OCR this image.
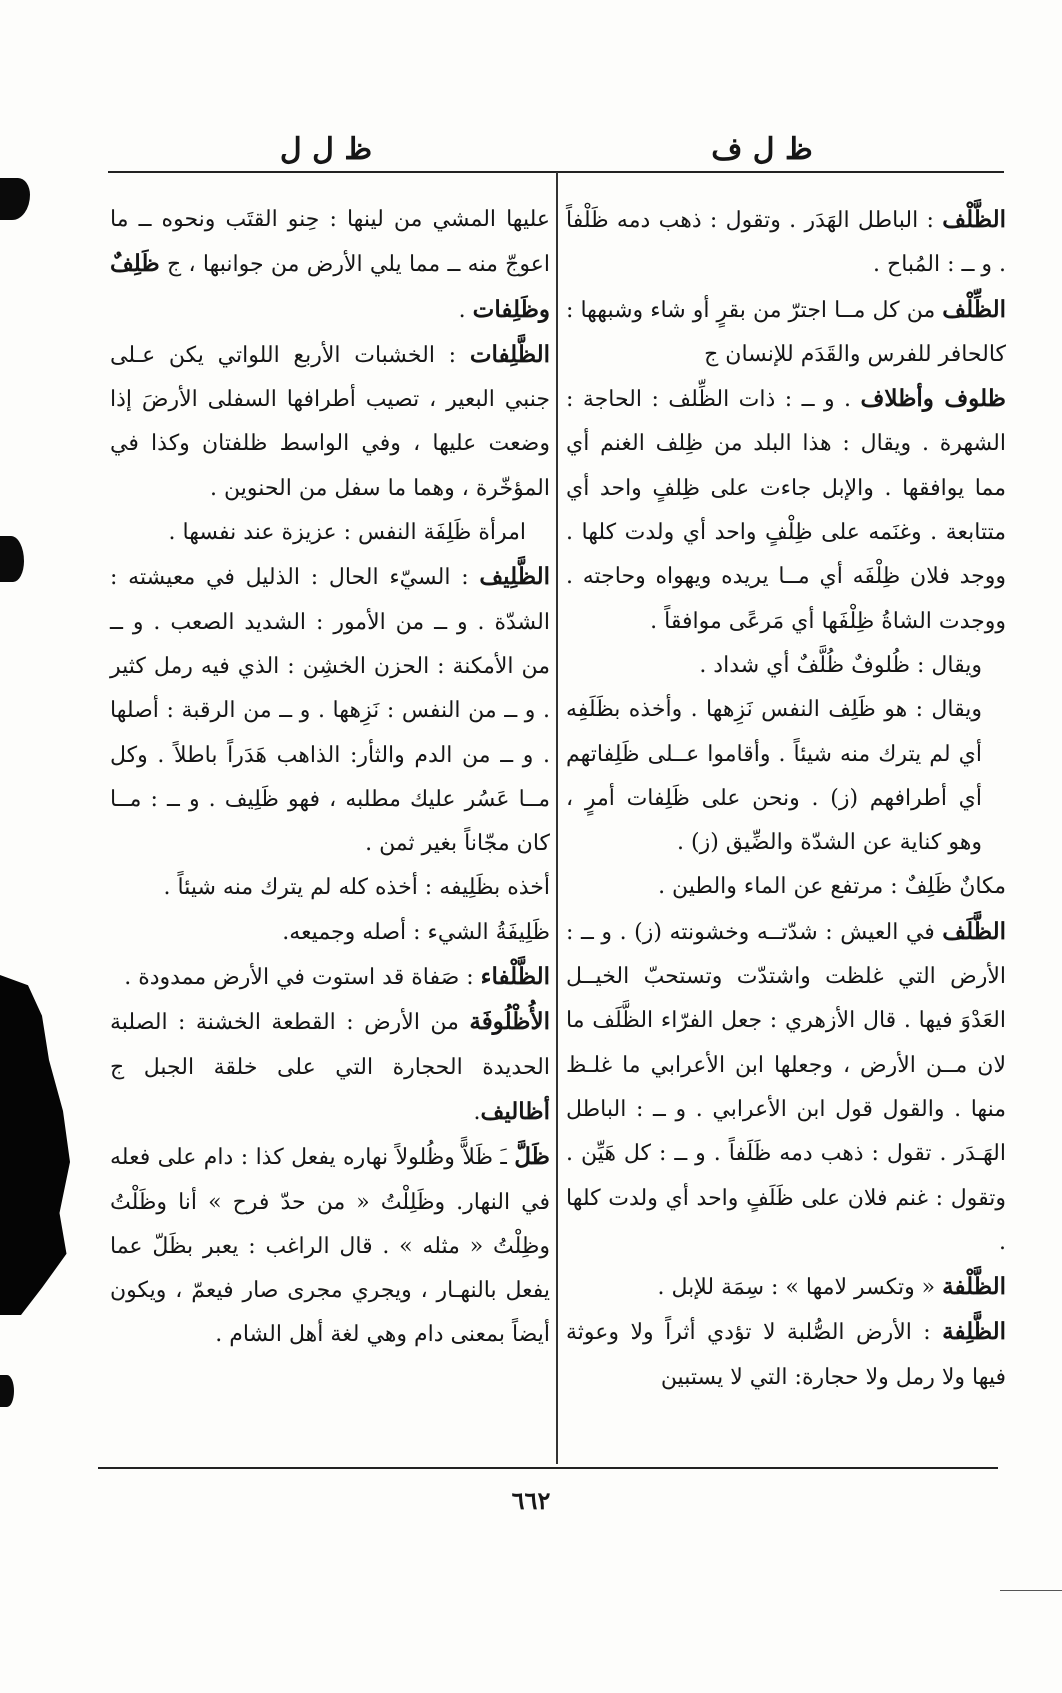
ظ ل ف
ظ ل ل

الظَّلْف : الباطل الهَدَر . وتقول : ذهب دمه ظَلْفاً . و ــ : المُباح .

الظِّلْف من كل مــا اجترّ من بقرٍ أو شاء وشبهها : كالحافر للفرس والقَدَم للإنسان ج

ظلوف وأظلاف . و ــ : ذات الظِّلف : الحاجة : الشهرة . ويقال : هذا البلد من ظِلف الغنم أي مما يوافقها . والإبل جاءت على ظِلفٍ واحد أي متتابعة . وغنَمه على ظِلْفٍ واحد أي ولدت كلها . ووجد فلان ظِلْفَه أي مــا يريده ويهواه وحاجته . ووجدت الشاةُ ظِلْفَها أي مَرعًى موافقاً .

ويقال : ظُلوفٌ ظُلَّفٌ أي شداد .

ويقال : هو ظَلِف النفس نَزِهها . وأخذه بظَلَفِه أي لم يترك منه شيئاً . وأقاموا عــلى ظَلِفاتهم أي أطرافهم (ز) . ونحن على ظَلِفات أمرٍ ، وهو كناية عن الشدّة والضِّيق (ز) .

مكانٌ ظَلِفٌ : مرتفع عن الماء والطين .

الظَّلَف في العيش : شدّتــه وخشونته (ز) . و ــ : الأرض التي غلظت واشتدّت وتستحبّ الخيــل العَدْوَ فيها . قال الأزهري : جعل الفرّاء الظَّلَف ما لان مــن الأرض ، وجعلها ابن الأعرابي ما غلـظ منها . والقول قول ابن الأعرابي . و ــ : الباطل الهَـدَر . تقول : ذهب دمه ظَلَفاً . و ــ : كل هَيِّن . وتقول : غنم فلان على ظَلَفٍ واحد أي ولدت كلها .

الظَّلْفة « وتكسر لامها » : سِمَة للإبل .

الظَّلِفة : الأرض الصُّلبة لا تؤدي أثراً ولا وعوثة فيها ولا رمل ولا حجارة: التي لا يستبين

عليها المشي من لينها : حِنو القتَب ونحوه ــ ما اعوجّ منه ــ مما يلي الأرض من جوانبها ، ج ظَلِفٌ وظَلِفات .

الظَّلِفات : الخشبات الأربع اللواتي يكن عـلى جنبي البعير ، تصيب أطرافها السفلى الأرضَ إذا وضعت عليها ، وفي الواسط ظلفتان وكذا في المؤخّرة ، وهما ما سفل من الحنوين .

امرأة ظَلِفَة النفس : عزيزة عند نفسها .

الظَّلِيف : السيّء الحال : الذليل في معيشته : الشدّة . و ــ من الأمور : الشديد الصعب . و ــ من الأمكنة : الحزن الخشِن : الذي فيه رمل كثير . و ــ من النفس : نَزِهها . و ــ من الرقبة : أصلها . و ــ من الدم والثأر: الذاهب هَدَراً باطلاً . وكل مــا عَسُر عليك مطلبه ، فهو ظَلِيف . و ــ : مــا كان مجّاناً بغير ثمن .

أخذه بظَلِيفه : أخذه كله لم يترك منه شيئاً .

ظَلِيفَةُ الشيء : أصله وجميعه.

الظَّلْفاء : صَفاة قد استوت في الأرض ممدودة .

الأُظْلُوفَة من الأرض : القطعة الخشنة : الصلبة الحديدة الحجارة التي على خلقة الجبل ج أظاليف.

ظَلَّ ـَ ظَلاًّ وظُلولاً نهاره يفعل كذا : دام على فعله في النهار. وظَلِلْتُ « من حدّ فرح » أنا وظَلْتُ وظِلْتُ « مثله » . قال الراغب : يعبر بظَلّ عما يفعل بالنهـار ، ويجري مجرى صار فيعمّ ، ويكون أيضاً بمعنى دام وهي لغة أهل الشام .

٦٦٢
